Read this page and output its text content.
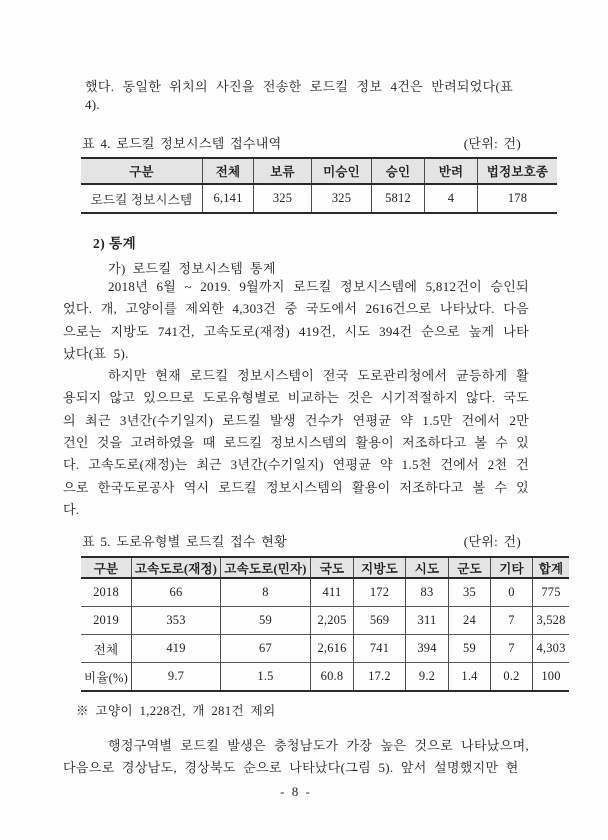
했다. 동일한 위치의 사진을 전송한 로드킬 정보 4건은 반려되었다(표 4).

표 4. 로드킬 정보시스템 접수내역	(단위: 건)
구분	전체	보류	미승인	승인	반려	법정보호종
로드킬 정보시스템	6,141	325	325	5812	4	178
2) 통계
가) 로드킬 정보시스템 통계

2018년 6월 ~ 2019. 9월까지 로드킬 정보시스템에 5,812건이 승인되었다. 개, 고양이를 제외한 4,303건 중 국도에서 2616건으로 나타났다. 다음으로는 지방도 741건, 고속도로(재정) 419건, 시도 394건 순으로 높게 나타났다(표 5).

하지만 현재 로드킬 정보시스템이 전국 도로관리청에서 균등하게 활용되지 않고 있으므로 도로유형별로 비교하는 것은 시기적절하지 않다. 국도의 최근 3년간(수기일지) 로드킬 발생 건수가 연평균 약 1.5만 건에서 2만 건인 것을 고려하였을 때 로드킬 정보시스템의 활용이 저조하다고 볼 수 있다. 고속도로(재정)는 최근 3년간(수기일지) 연평균 약 1.5천 건에서 2천 건으로 한국도로공사 역시 로드킬 정보시스템의 활용이 저조하다고 볼 수 있다.

표 5. 도로유형별 로드킬 접수 현황	(단위: 건)
구분	고속도로(재정)	고속도로(민자)	국도	지방도	시도	군도	기타	합계
2018	66	8	411	172	83	35	0	775
2019	353	59	2,205	569	311	24	7	3,528
전체	419	67	2,616	741	394	59	7	4,303
비율(%)	9.7	1.5	60.8	17.2	9.2	1.4	0.2	100

※ 고양이 1,228건, 개 281건 제외

행정구역별 로드킬 발생은 충청남도가 가장 높은 것으로 나타났으며, 다음으로 경상남도, 경상북도 순으로 나타났다(그림 5). 앞서 설명했지만 현

- 8 -
